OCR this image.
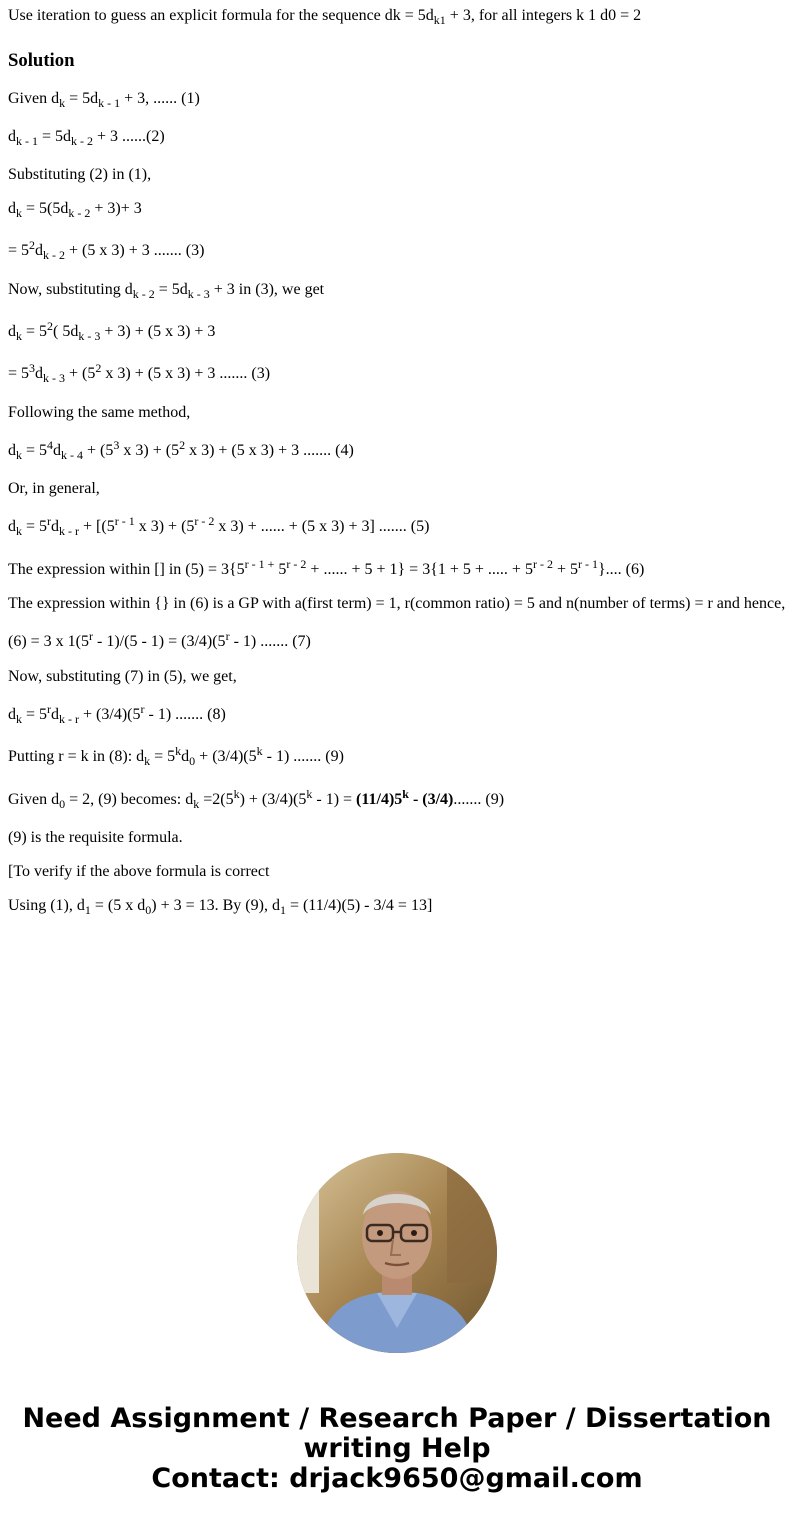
Use iteration to guess an explicit formula for the sequence dk = $5d_{k1} + 3$, for all integers k 1 d0 = 2

Solution
Given $d_k = 5d_{k - 1} + 3$, ...... (1)
$d_{k - 1} = 5d_{k - 2} + 3$ ......(2)
Substituting (2) in (1),
$d_k = 5(5d_{k - 2} + 3)+ 3$
= $5^2d_{k - 2} + (5$ x 3) + 3 ....... (3)
Now, substituting $d_{k - 2} = 5d_{k - 3} + 3$ in (3), we get
$d_k = 5^2$( $5d_{k - 3} + 3) + (5$ x 3) + 3
= $5^3d_{k - 3} + (5^2$ x 3) + (5 x 3) + 3 ....... (3)
Following the same method,
$d_k = 5^4d_{k - 4} + (5^3$ x $3) + (5^2$ x 3) + (5 x 3) + 3 ....... (4)
Or, in general,
$d_k = 5^rd_{k - r} + [(5^{r - 1}$ x $3) + (5^{r - 2}$ x 3) + ...... + (5 x 3) + 3] ....... (5)
The expression within [] in $(5) = 3\{5^{r - 1 +}$ $5^{r - 2}$ + ...... + 5 + 1} = 3{1 + 5 + ..... + $5^{r - 2} + 5^{r - 1}$}.... (6)
The expression within {} in (6) is a GP with a(first term) = 1, r(common ratio) = 5 and n(number of terms) = r and hence,
(6) = 3 x $1(5^r - 1)/(5 - 1) = (3/4)(5^r - 1)$ ....... (7)
Now, substituting (7) in (5), we get,
$d_k = 5^rd_{k - r} + (3/4)(5^r - 1)$ ....... (8)
Putting r = k in (8): $d_k = 5^kd_0 + (3/4)(5^k - 1)$ ....... (9)
Given $d_0 = 2$, (9) becomes: $d_k =2(5^k) + (3/4)(5^k - 1) = (11/4)5^k - (3/4)$....... (9)
(9) is the requisite formula.
[To verify if the above formula is correct
Using (1), $d_1 = (5$ x $d_0) + 3 = 13$. By (9), $d_1 = (11/4)(5) - 3/4 = 13$]
Need Assignment / Research Paper / Dissertation
writing Help
Contact: drjack9650@gmail.com
